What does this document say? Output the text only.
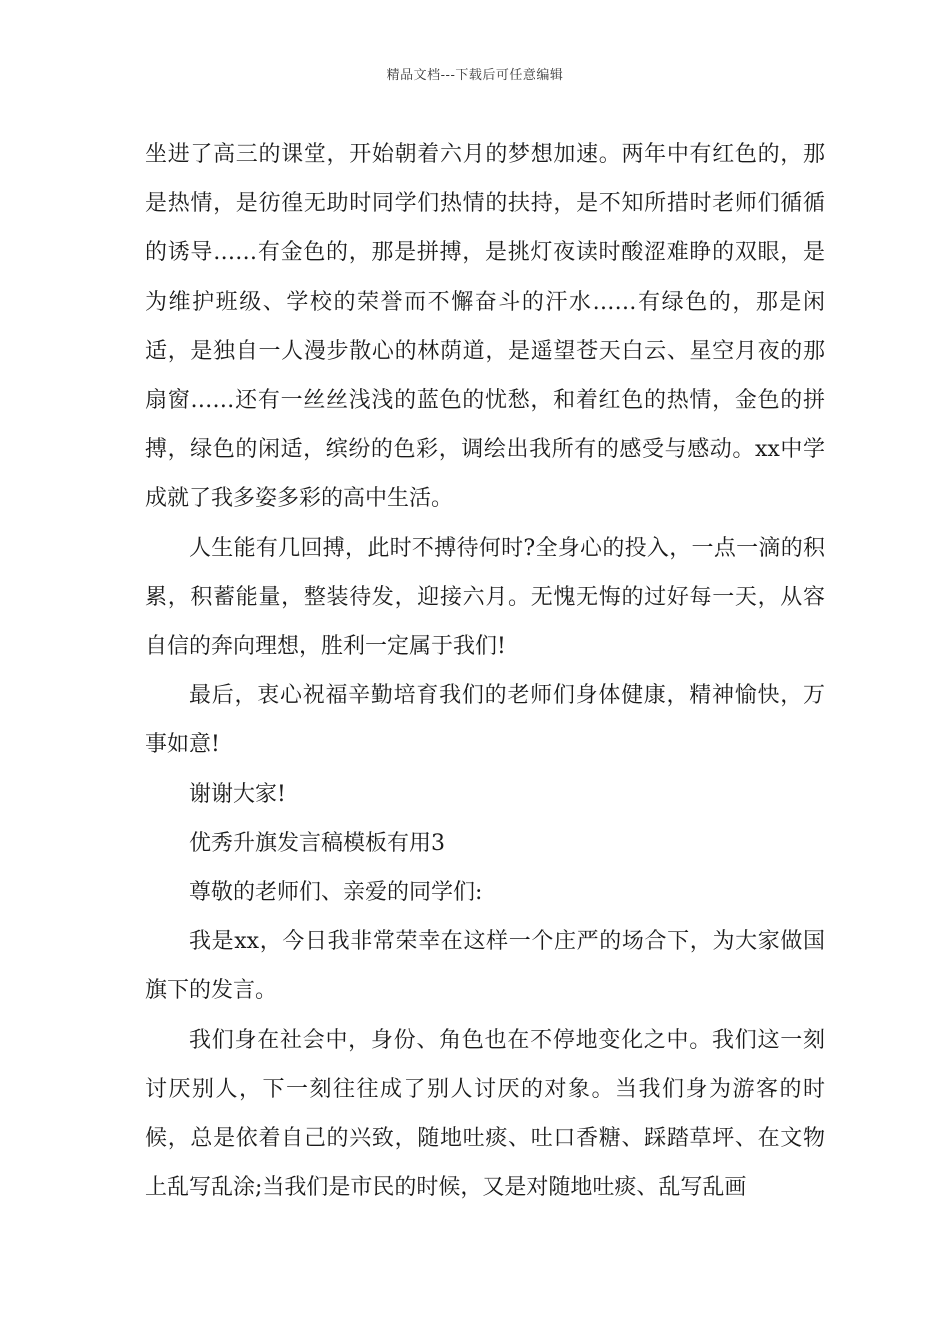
精品文档---下载后可任意编辑

坐进了高三的课堂，开始朝着六月的梦想加速。两年中有红色的，那是热情，是彷徨无助时同学们热情的扶持，是不知所措时老师们循循的诱导……有金色的，那是拼搏，是挑灯夜读时酸涩难睁的双眼，是为维护班级、学校的荣誉而不懈奋斗的汗水……有绿色的，那是闲适，是独自一人漫步散心的林荫道，是遥望苍天白云、星空月夜的那扇窗……还有一丝丝浅浅的蓝色的忧愁，和着红色的热情，金色的拼搏，绿色的闲适，缤纷的色彩，调绘出我所有的感受与感动。xx中学成就了我多姿多彩的高中生活。

人生能有几回搏，此时不搏待何时?全身心的投入，一点一滴的积累，积蓄能量，整装待发，迎接六月。无愧无悔的过好每一天，从容自信的奔向理想，胜利一定属于我们!

最后，衷心祝福辛勤培育我们的老师们身体健康，精神愉快，万事如意!

谢谢大家!

优秀升旗发言稿模板有用3

尊敬的老师们、亲爱的同学们:

我是xx，今日我非常荣幸在这样一个庄严的场合下，为大家做国旗下的发言。

我们身在社会中，身份、角色也在不停地变化之中。我们这一刻讨厌别人，下一刻往往成了别人讨厌的对象。当我们身为游客的时候，总是依着自己的兴致，随地吐痰、吐口香糖、踩踏草坪、在文物上乱写乱涂;当我们是市民的时候，又是对随地吐痰、乱写乱画
